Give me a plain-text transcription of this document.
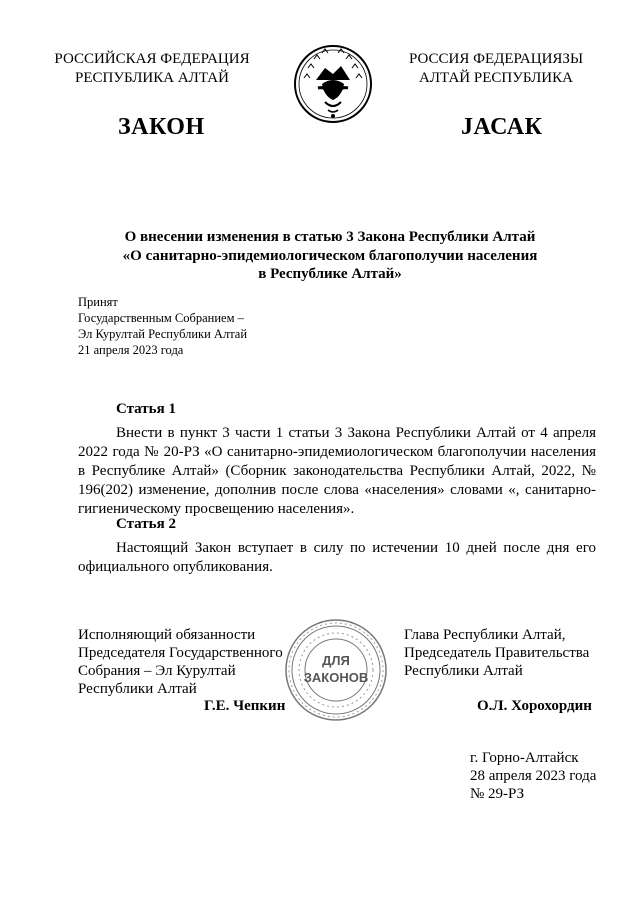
РОССИЙСКАЯ ФЕДЕРАЦИЯ
РЕСПУБЛИКА АЛТАЙ
РОССИЯ ФЕДЕРАЦИЯЗЫ
АЛТАЙ РЕСПУБЛИКА
ЗАКОН	ЈАСАК
О внесении изменения в статью 3 Закона Республики Алтай
«О санитарно-эпидемиологическом благополучии населения
в Республике Алтай»
Принят
Государственным Собранием –
Эл Курултай Республики Алтай
21 апреля 2023 года
Статья 1
Внести в пункт 3 части 1 статьи 3 Закона Республики Алтай от 4 апреля 2022 года № 20-РЗ «О санитарно-эпидемиологическом благополучии населения в Республике Алтай» (Сборник законодательства Республики Алтай, 2022, № 196(202) изменение, дополнив после слова «населения» словами «, санитарно-гигиеническому просвещению населения».
Статья 2
Настоящий Закон вступает в силу по истечении 10 дней после дня его официального опубликования.
ДЛЯ
ЗАКОНОВ
Исполняющий обязанности
Председателя Государственного
Собрания – Эл Курултай
Республики Алтай
Г.Е. Чепкин
Глава Республики Алтай,
Председатель Правительства
Республики Алтай
О.Л. Хорохордин
г. Горно-Алтайск
28 апреля 2023 года
№ 29-РЗ
